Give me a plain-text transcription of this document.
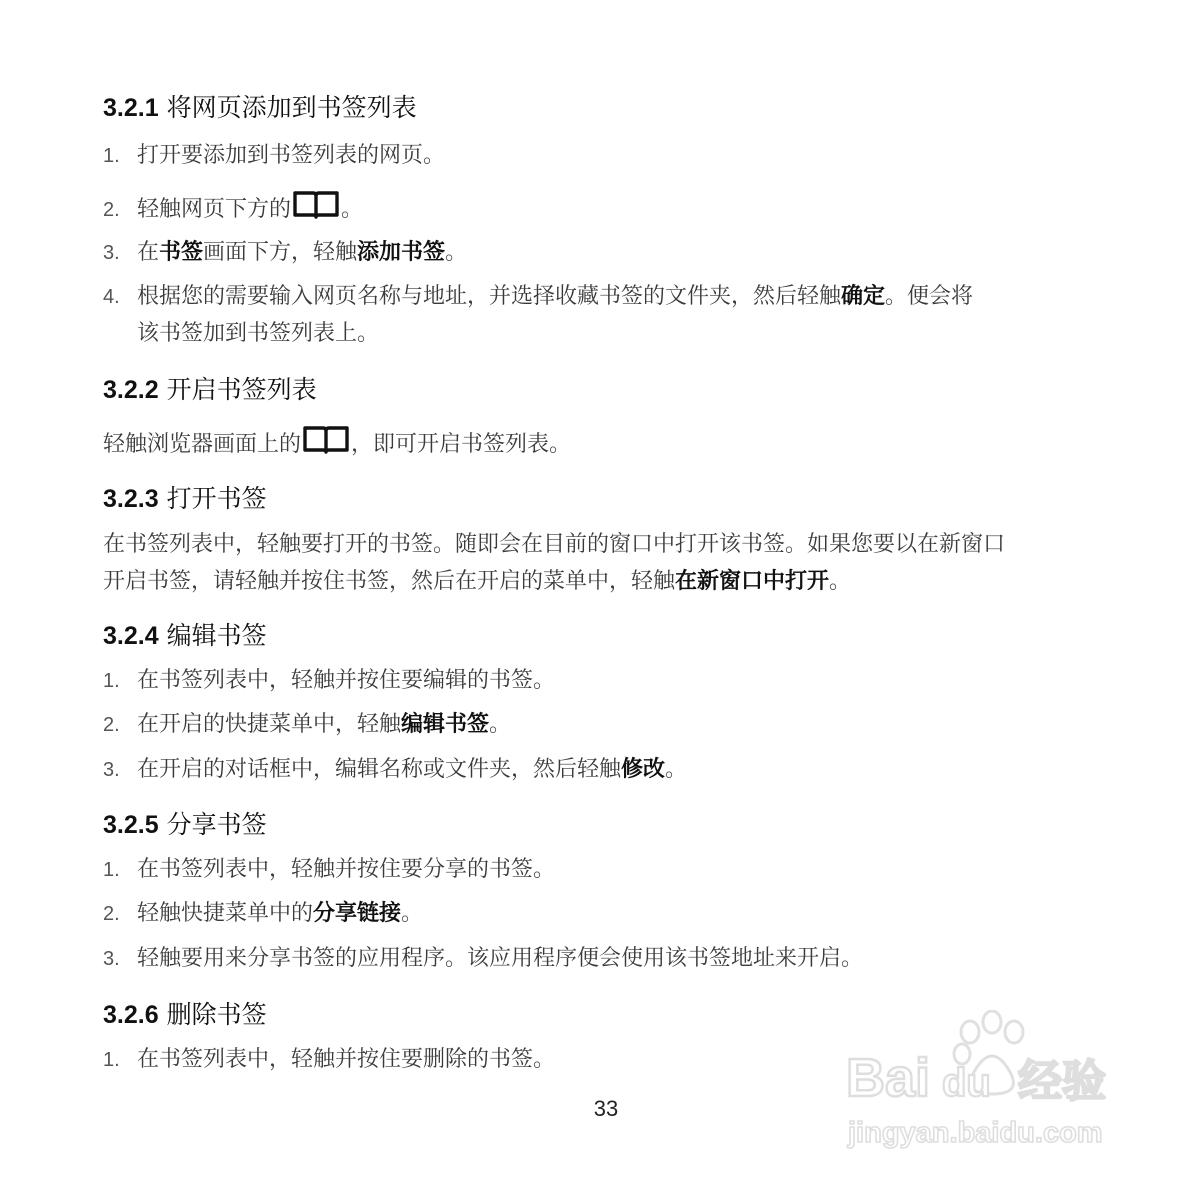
3.2.1 将网页添加到书签列表
1. 打开要添加到书签列表的网页。
2. 轻触网页下方的 。
3. 在书签画面下方，轻触添加书签。
4. 根据您的需要输入网页名称与地址，并选择收藏书签的文件夹，然后轻触确定。便会将
该书签加到书签列表上。
3.2.2 开启书签列表
轻触浏览器画面上的 ，即可开启书签列表。
3.2.3 打开书签
在书签列表中，轻触要打开的书签。随即会在目前的窗口中打开该书签。如果您要以在新窗口
开启书签，请轻触并按住书签，然后在开启的菜单中，轻触在新窗口中打开。
3.2.4 编辑书签
1. 在书签列表中，轻触并按住要编辑的书签。
2. 在开启的快捷菜单中，轻触编辑书签。
3. 在开启的对话框中，编辑名称或文件夹，然后轻触修改。
3.2.5 分享书签
1. 在书签列表中，轻触并按住要分享的书签。
2. 轻触快捷菜单中的分享链接。
3. 轻触要用来分享书签的应用程序。该应用程序便会使用该书签地址来开启。
3.2.6 删除书签
1. 在书签列表中，轻触并按住要删除的书签。
33
Bai du 经验
jingyan.baidu.com
